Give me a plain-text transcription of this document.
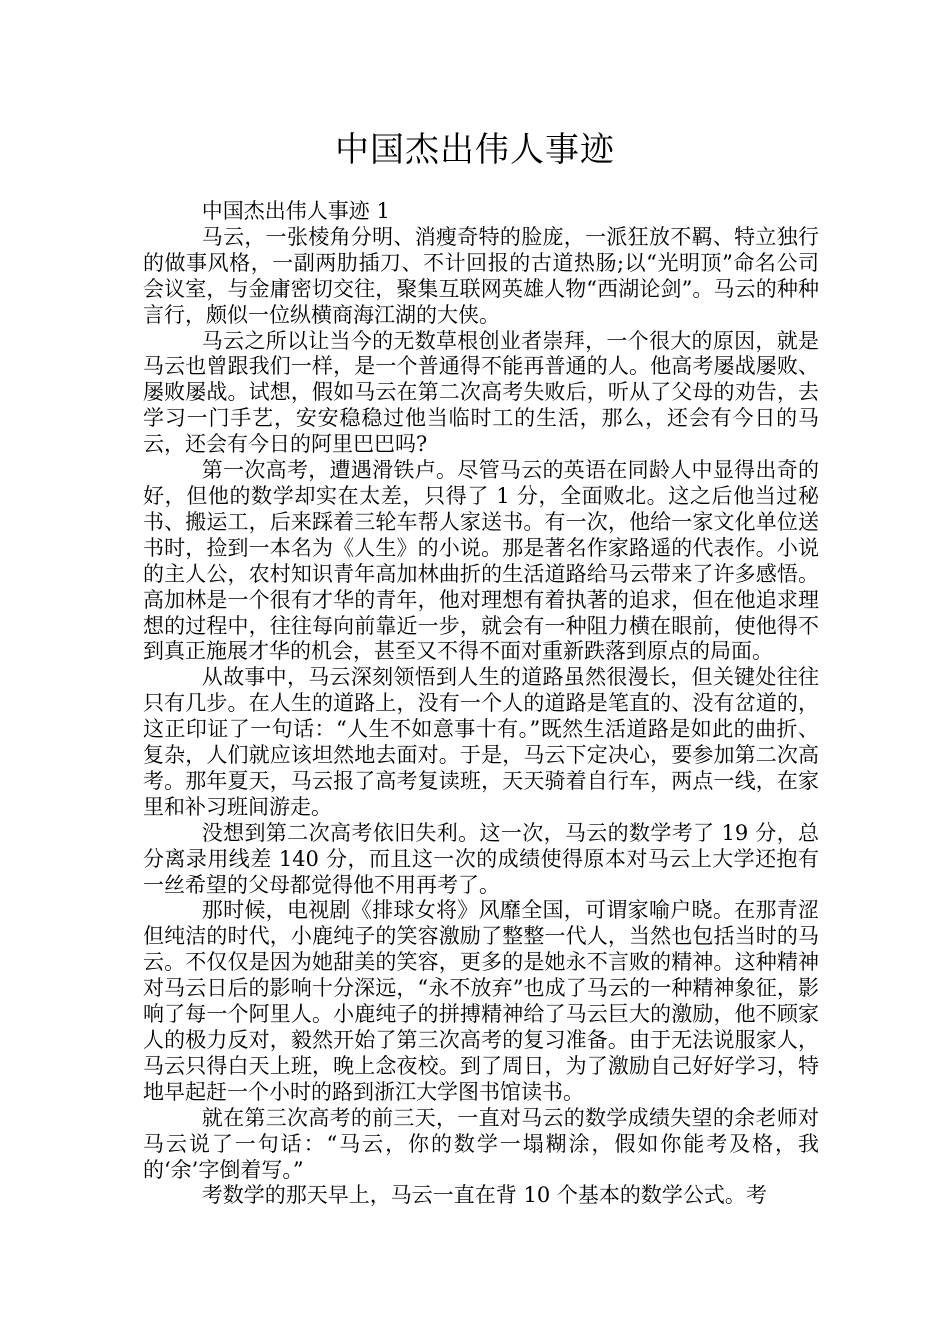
中国杰出伟人事迹

中国杰出伟人事迹 1

马云，一张棱角分明、消瘦奇特的脸庞，一派狂放不羁、特立独行的做事风格，一副两肋插刀、不计回报的古道热肠;以“光明顶”命名公司会议室，与金庸密切交往，聚集互联网英雄人物“西湖论剑”。马云的种种言行，颇似一位纵横商海江湖的大侠。

马云之所以让当今的无数草根创业者崇拜，一个很大的原因，就是马云也曾跟我们一样，是一个普通得不能再普通的人。他高考屡战屡败、屡败屡战。试想，假如马云在第二次高考失败后，听从了父母的劝告，去学习一门手艺，安安稳稳过他当临时工的生活，那么，还会有今日的马云，还会有今日的阿里巴巴吗?

第一次高考，遭遇滑铁卢。尽管马云的英语在同龄人中显得出奇的好，但他的数学却实在太差，只得了 1 分，全面败北。这之后他当过秘书、搬运工，后来踩着三轮车帮人家送书。有一次，他给一家文化单位送书时，捡到一本名为《人生》的小说。那是著名作家路遥的代表作。小说的主人公，农村知识青年高加林曲折的生活道路给马云带来了许多感悟。高加林是一个很有才华的青年，他对理想有着执著的追求，但在他追求理想的过程中，往往每向前靠近一步，就会有一种阻力横在眼前，使他得不到真正施展才华的机会，甚至又不得不面对重新跌落到原点的局面。

从故事中，马云深刻领悟到人生的道路虽然很漫长，但关键处往往只有几步。在人生的道路上，没有一个人的道路是笔直的、没有岔道的，这正印证了一句话：“人生不如意事十有。”既然生活道路是如此的曲折、复杂，人们就应该坦然地去面对。于是，马云下定决心，要参加第二次高考。那年夏天，马云报了高考复读班，天天骑着自行车，两点一线，在家里和补习班间游走。

没想到第二次高考依旧失利。这一次，马云的数学考了 19 分，总分离录用线差 140 分，而且这一次的成绩使得原本对马云上大学还抱有一丝希望的父母都觉得他不用再考了。

那时候，电视剧《排球女将》风靡全国，可谓家喻户晓。在那青涩但纯洁的时代，小鹿纯子的笑容激励了整整一代人，当然也包括当时的马云。不仅仅是因为她甜美的笑容，更多的是她永不言败的精神。这种精神对马云日后的影响十分深远，“永不放弃”也成了马云的一种精神象征，影响了每一个阿里人。小鹿纯子的拼搏精神给了马云巨大的激励，他不顾家人的极力反对，毅然开始了第三次高考的复习准备。由于无法说服家人，马云只得白天上班，晚上念夜校。到了周日，为了激励自己好好学习，特地早起赶一个小时的路到浙江大学图书馆读书。

就在第三次高考的前三天，一直对马云的数学成绩失望的余老师对马云说了一句话：“马云，你的数学一塌糊涂，假如你能考及格，我的‘余’字倒着写。”

考数学的那天早上，马云一直在背 10 个基本的数学公式。考
